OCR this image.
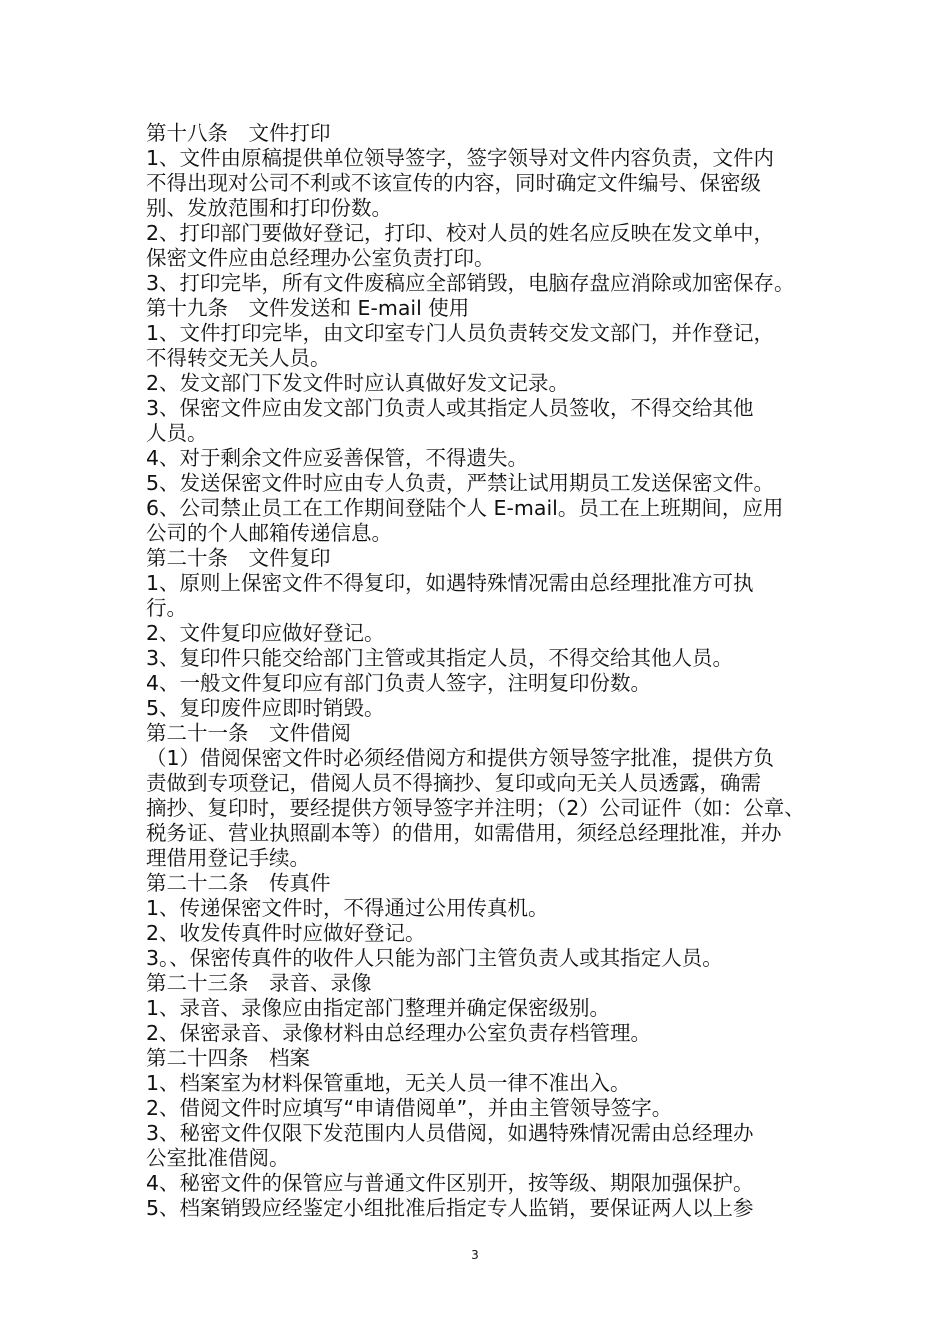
第十八条　文件打印
1、文件由原稿提供单位领导签字，签字领导对文件内容负责，文件内
不得出现对公司不利或不该宣传的内容，同时确定文件编号、保密级
别、发放范围和打印份数。
2、打印部门要做好登记，打印、校对人员的姓名应反映在发文单中，
保密文件应由总经理办公室负责打印。
3、打印完毕，所有文件废稿应全部销毁，电脑存盘应消除或加密保存。
第十九条　文件发送和 E-mail 使用
1、文件打印完毕，由文印室专门人员负责转交发文部门，并作登记，
不得转交无关人员。
2、发文部门下发文件时应认真做好发文记录。
3、保密文件应由发文部门负责人或其指定人员签收，不得交给其他
人员。
4、对于剩余文件应妥善保管，不得遗失。
5、发送保密文件时应由专人负责，严禁让试用期员工发送保密文件。
6、公司禁止员工在工作期间登陆个人 E-mail。员工在上班期间，应用
公司的个人邮箱传递信息。
第二十条　文件复印
1、原则上保密文件不得复印，如遇特殊情况需由总经理批准方可执
行。
2、文件复印应做好登记。
3、复印件只能交给部门主管或其指定人员，不得交给其他人员。
4、一般文件复印应有部门负责人签字，注明复印份数。
5、复印废件应即时销毁。
第二十一条　文件借阅
（1）借阅保密文件时必须经借阅方和提供方领导签字批准，提供方负
责做到专项登记，借阅人员不得摘抄、复印或向无关人员透露，确需
摘抄、复印时，要经提供方领导签字并注明；（2）公司证件（如：公章、
税务证、营业执照副本等）的借用，如需借用，须经总经理批准，并办
理借用登记手续。
第二十二条　传真件
1、传递保密文件时，不得通过公用传真机。
2、收发传真件时应做好登记。
3。、保密传真件的收件人只能为部门主管负责人或其指定人员。
第二十三条　录音、录像
1、录音、录像应由指定部门整理并确定保密级别。
2、保密录音、录像材料由总经理办公室负责存档管理。
第二十四条　档案
1、档案室为材料保管重地，无关人员一律不准出入。
2、借阅文件时应填写“申请借阅单”，并由主管领导签字。
3、秘密文件仅限下发范围内人员借阅，如遇特殊情况需由总经理办
公室批准借阅。
4、秘密文件的保管应与普通文件区别开，按等级、期限加强保护。
5、档案销毁应经鉴定小组批准后指定专人监销，要保证两人以上参
3
